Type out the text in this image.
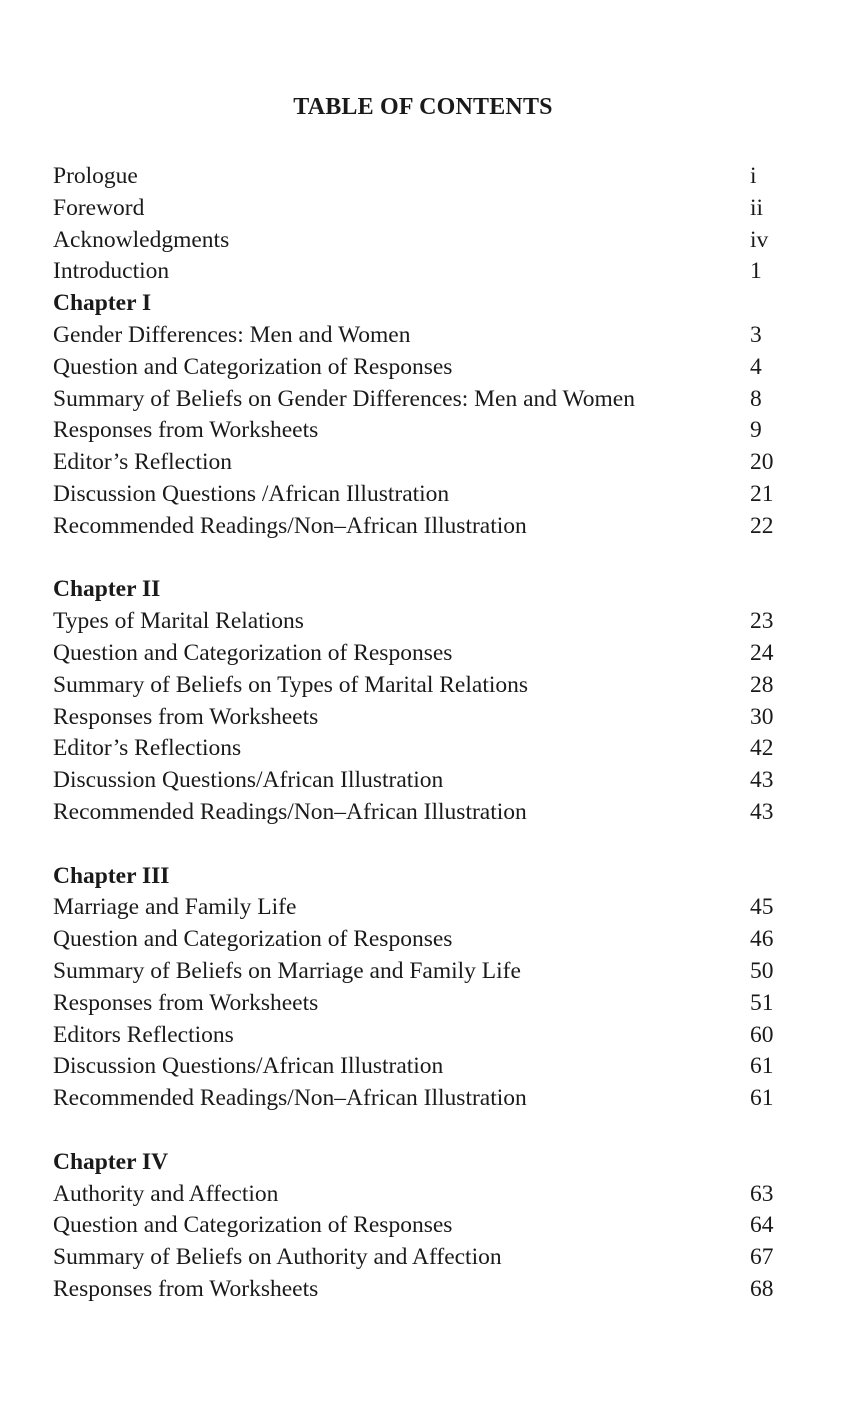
TABLE OF CONTENTS
Prologue	i
Foreword	ii
Acknowledgments	iv
Introduction	1
Chapter I
Gender Differences: Men and Women	3
Question and Categorization of Responses	4
Summary of Beliefs on Gender Differences: Men and Women	8
Responses from Worksheets	9
Editor’s Reflection	20
Discussion Questions /African Illustration	21
Recommended Readings/Non–African Illustration	22
Chapter II
Types of Marital Relations	23
Question and Categorization of Responses	24
Summary of Beliefs on Types of Marital Relations	28
Responses from Worksheets	30
Editor’s Reflections	42
Discussion Questions/African Illustration	43
Recommended Readings/Non–African Illustration	43
Chapter III
Marriage and Family Life	45
Question and Categorization of Responses	46
Summary of Beliefs on Marriage and Family Life	50
Responses from Worksheets	51
Editors Reflections	60
Discussion Questions/African Illustration	61
Recommended Readings/Non–African Illustration	61
Chapter IV
Authority and Affection	63
Question and Categorization of Responses	64
Summary of Beliefs on Authority and Affection	67
Responses from Worksheets	68
